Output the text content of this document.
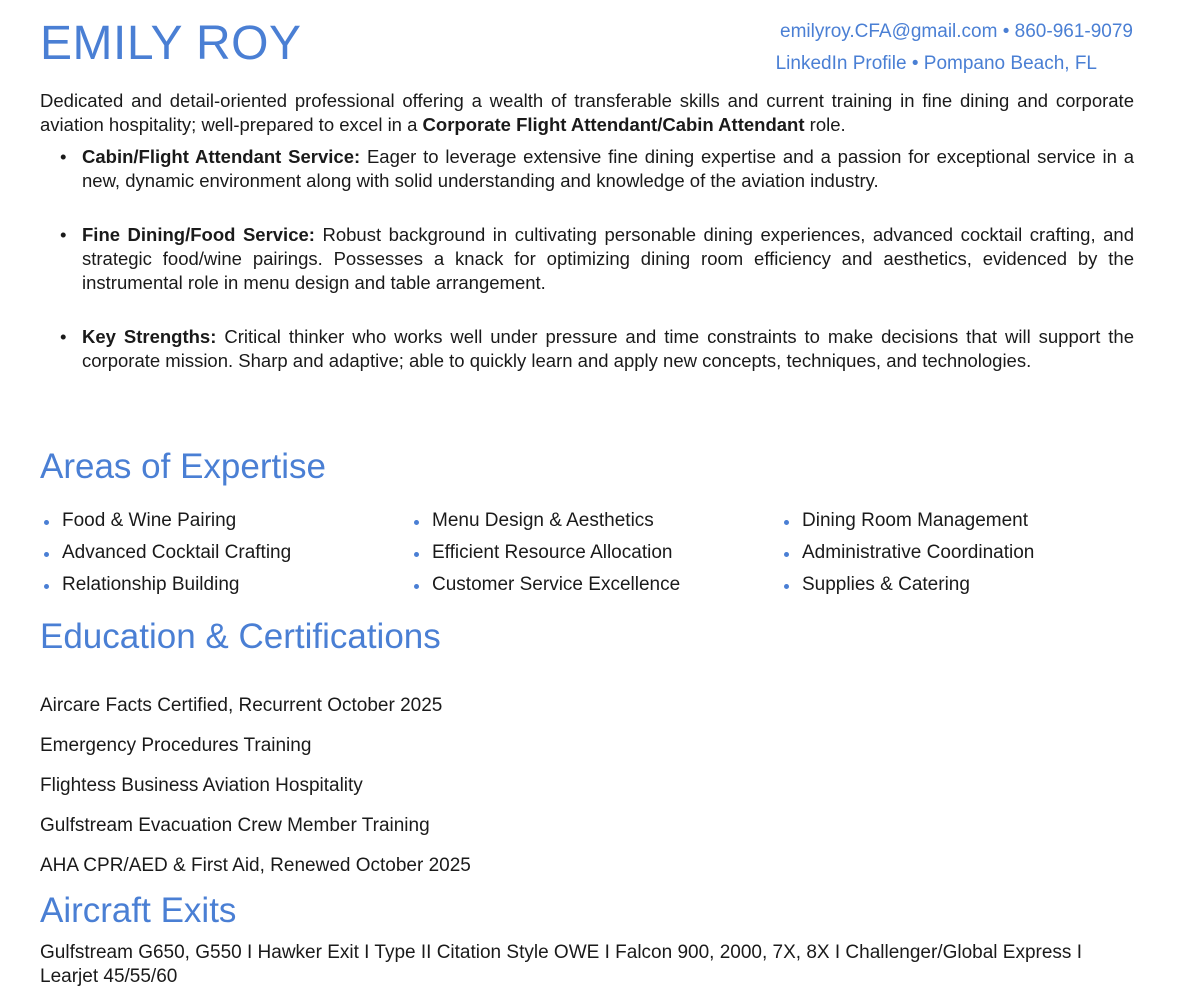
EMILY ROY	emilyroy.CFA@gmail.com • 860-961-9079
LinkedIn Profile • Pompano Beach, FL

Dedicated and detail-oriented professional offering a wealth of transferable skills and current training in fine dining and corporate aviation hospitality; well-prepared to excel in a Corporate Flight Attendant/Cabin Attendant role.

• Cabin/Flight Attendant Service: Eager to leverage extensive fine dining expertise and a passion for exceptional service in a new, dynamic environment along with solid understanding and knowledge of the aviation industry.
• Fine Dining/Food Service: Robust background in cultivating personable dining experiences, advanced cocktail crafting, and strategic food/wine pairings. Possesses a knack for optimizing dining room efficiency and aesthetics, evidenced by the instrumental role in menu design and table arrangement.
• Key Strengths: Critical thinker who works well under pressure and time constraints to make decisions that will support the corporate mission. Sharp and adaptive; able to quickly learn and apply new concepts, techniques, and technologies.
Areas of Expertise
Food & Wine Pairing
Advanced Cocktail Crafting
Relationship Building
Menu Design & Aesthetics
Efficient Resource Allocation
Customer Service Excellence
Dining Room Management
Administrative Coordination
Supplies & Catering
Education & Certifications
Aircare Facts Certified, Recurrent October 2025
Emergency Procedures Training
Flightess Business Aviation Hospitality
Gulfstream Evacuation Crew Member Training
AHA CPR/AED & First Aid, Renewed October 2025
Aircraft Exits

Gulfstream G650, G550 I Hawker Exit I Type II Citation Style OWE I Falcon 900, 2000, 7X, 8X I Challenger/Global Express I Learjet 45/55/60
